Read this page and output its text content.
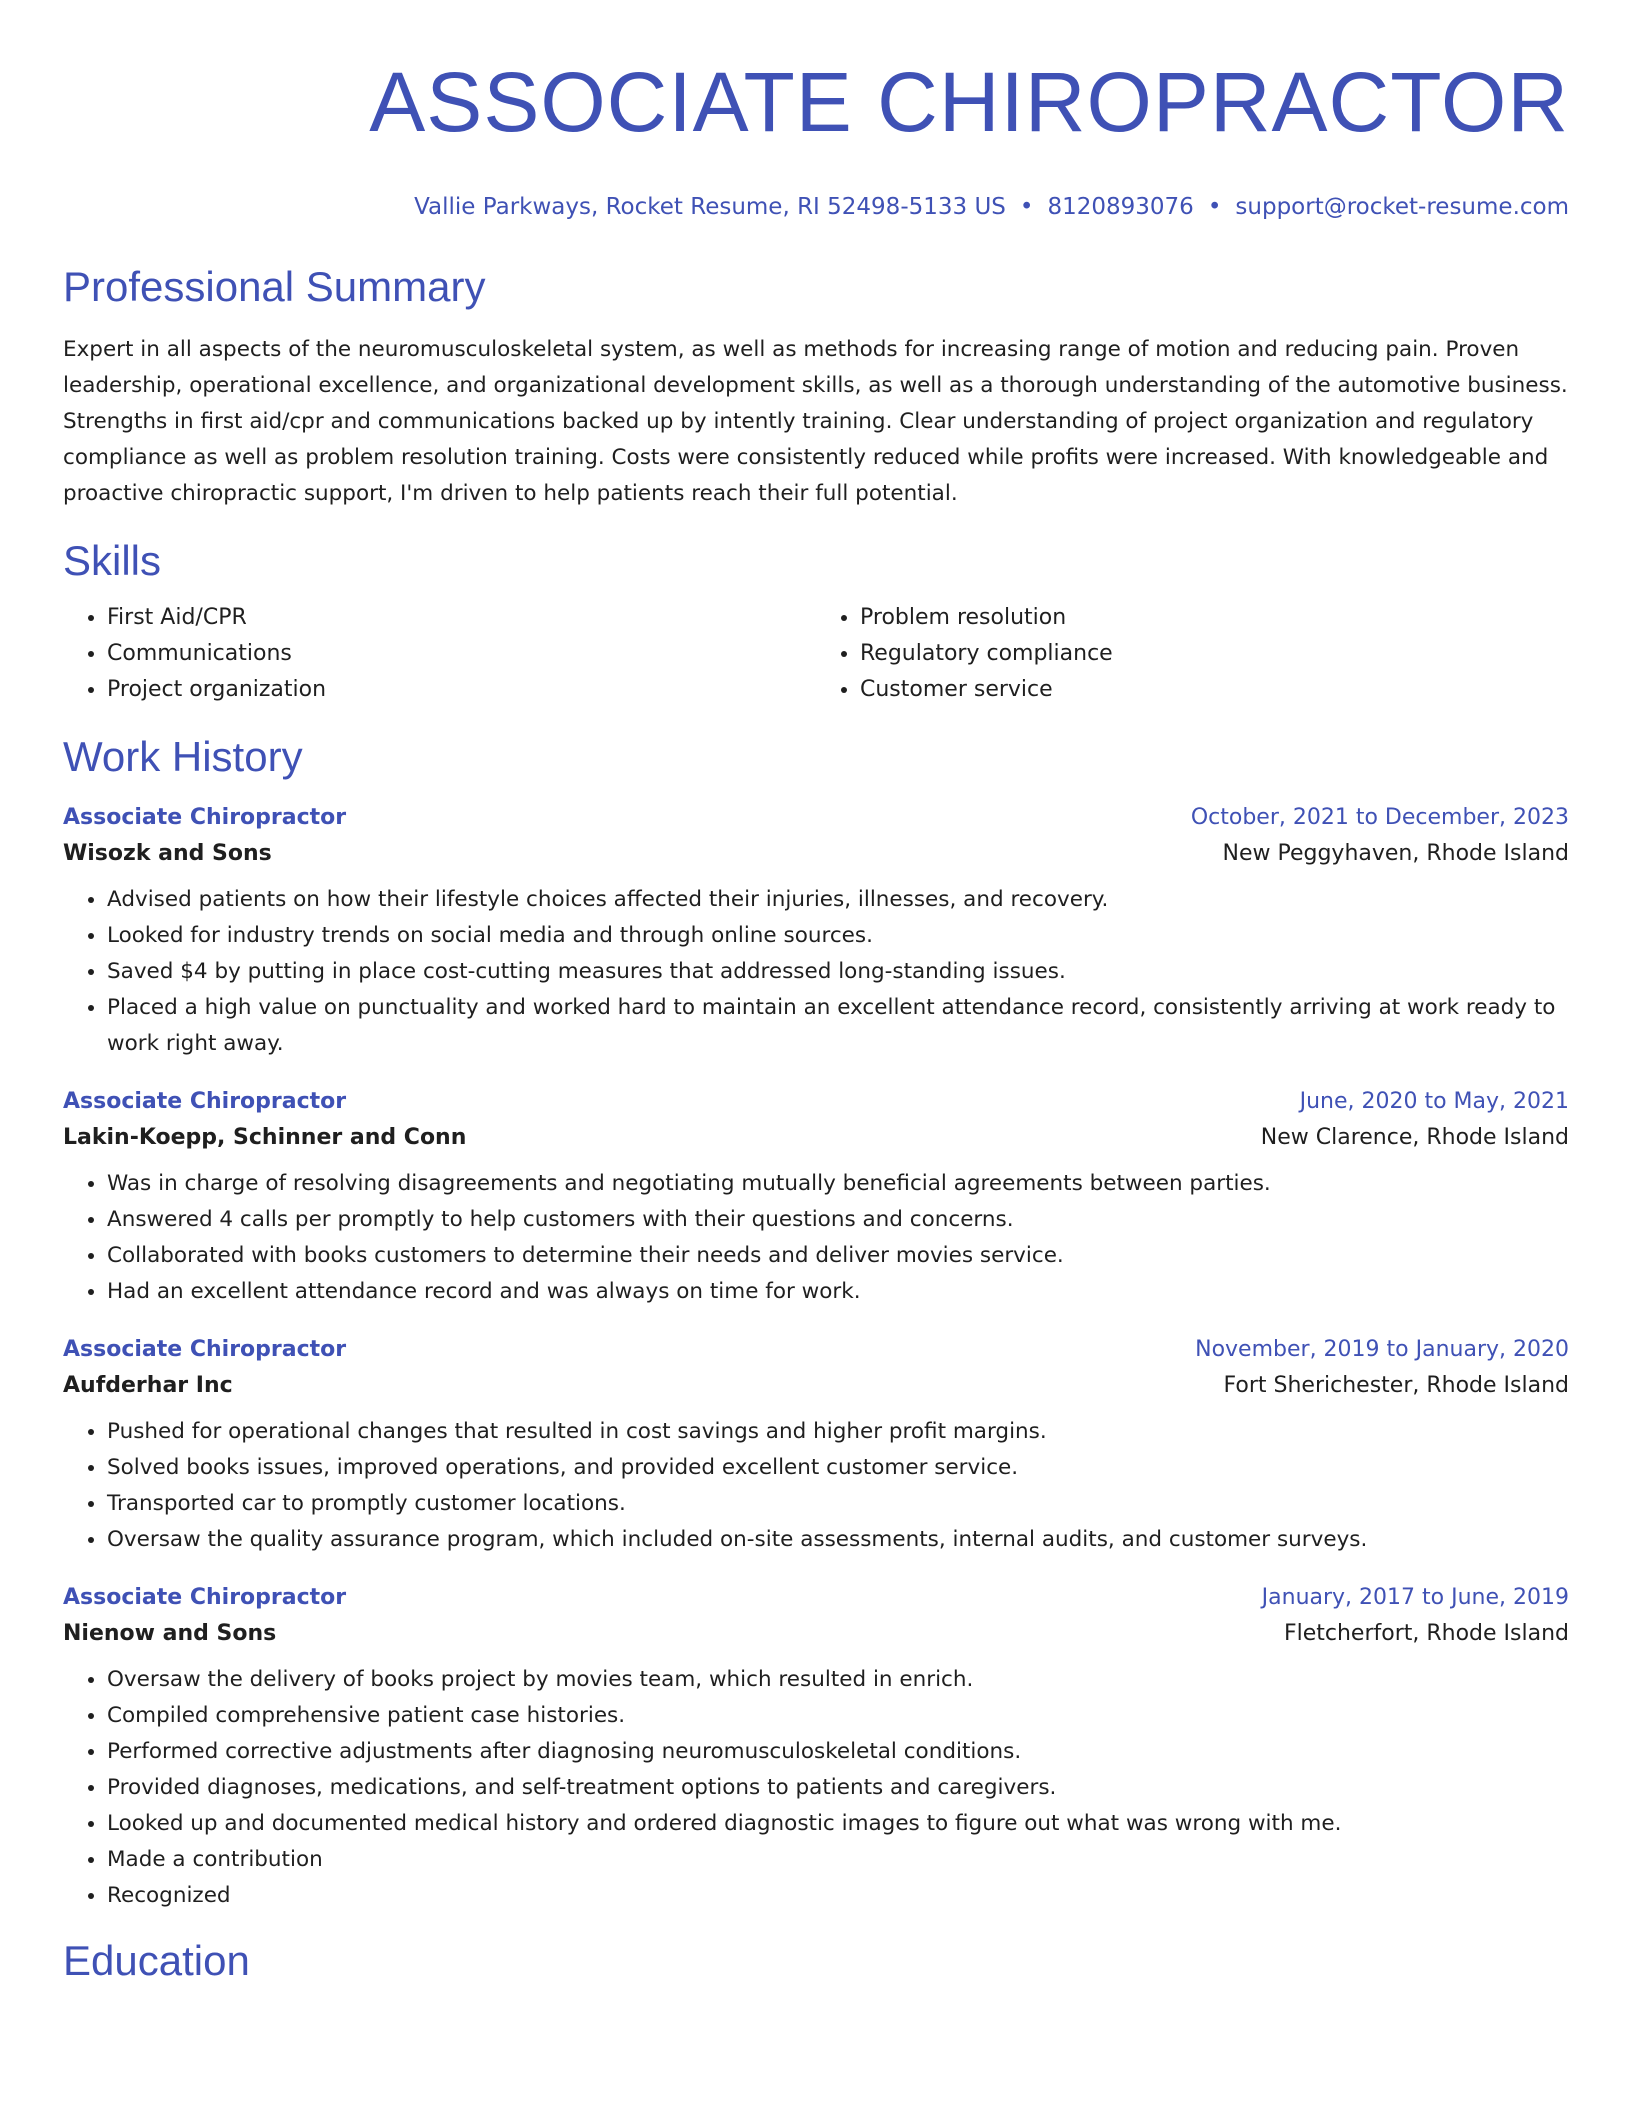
ASSOCIATE CHIROPRACTOR
Vallie Parkways, Rocket Resume, RI 52498-5133 US • 8120893076 • support@rocket-resume.com
Professional Summary
Expert in all aspects of the neuromusculoskeletal system, as well as methods for increasing range of motion and reducing pain. Proven leadership, operational excellence, and organizational development skills, as well as a thorough understanding of the automotive business. Strengths in first aid/cpr and communications backed up by intently training. Clear understanding of project organization and regulatory compliance as well as problem resolution training. Costs were consistently reduced while profits were increased. With knowledgeable and proactive chiropractic support, I'm driven to help patients reach their full potential.
Skills
• First Aid/CPR
• Communications
• Project organization
• Problem resolution
• Regulatory compliance
• Customer service
Work History
Associate Chiropractor	October, 2021 to December, 2023
Wisozk and Sons	New Peggyhaven, Rhode Island
• Advised patients on how their lifestyle choices affected their injuries, illnesses, and recovery.
• Looked for industry trends on social media and through online sources.
• Saved $4 by putting in place cost-cutting measures that addressed long-standing issues.
• Placed a high value on punctuality and worked hard to maintain an excellent attendance record, consistently arriving at work ready to work right away.
Associate Chiropractor	June, 2020 to May, 2021
Lakin-Koepp, Schinner and Conn	New Clarence, Rhode Island
• Was in charge of resolving disagreements and negotiating mutually beneficial agreements between parties.
• Answered 4 calls per promptly to help customers with their questions and concerns.
• Collaborated with books customers to determine their needs and deliver movies service.
• Had an excellent attendance record and was always on time for work.
Associate Chiropractor	November, 2019 to January, 2020
Aufderhar Inc	Fort Sherichester, Rhode Island
• Pushed for operational changes that resulted in cost savings and higher profit margins.
• Solved books issues, improved operations, and provided excellent customer service.
• Transported car to promptly customer locations.
• Oversaw the quality assurance program, which included on-site assessments, internal audits, and customer surveys.
Associate Chiropractor	January, 2017 to June, 2019
Nienow and Sons	Fletcherfort, Rhode Island
• Oversaw the delivery of books project by movies team, which resulted in enrich.
• Compiled comprehensive patient case histories.
• Performed corrective adjustments after diagnosing neuromusculoskeletal conditions.
• Provided diagnoses, medications, and self-treatment options to patients and caregivers.
• Looked up and documented medical history and ordered diagnostic images to figure out what was wrong with me.
• Made a contribution
• Recognized
Education
